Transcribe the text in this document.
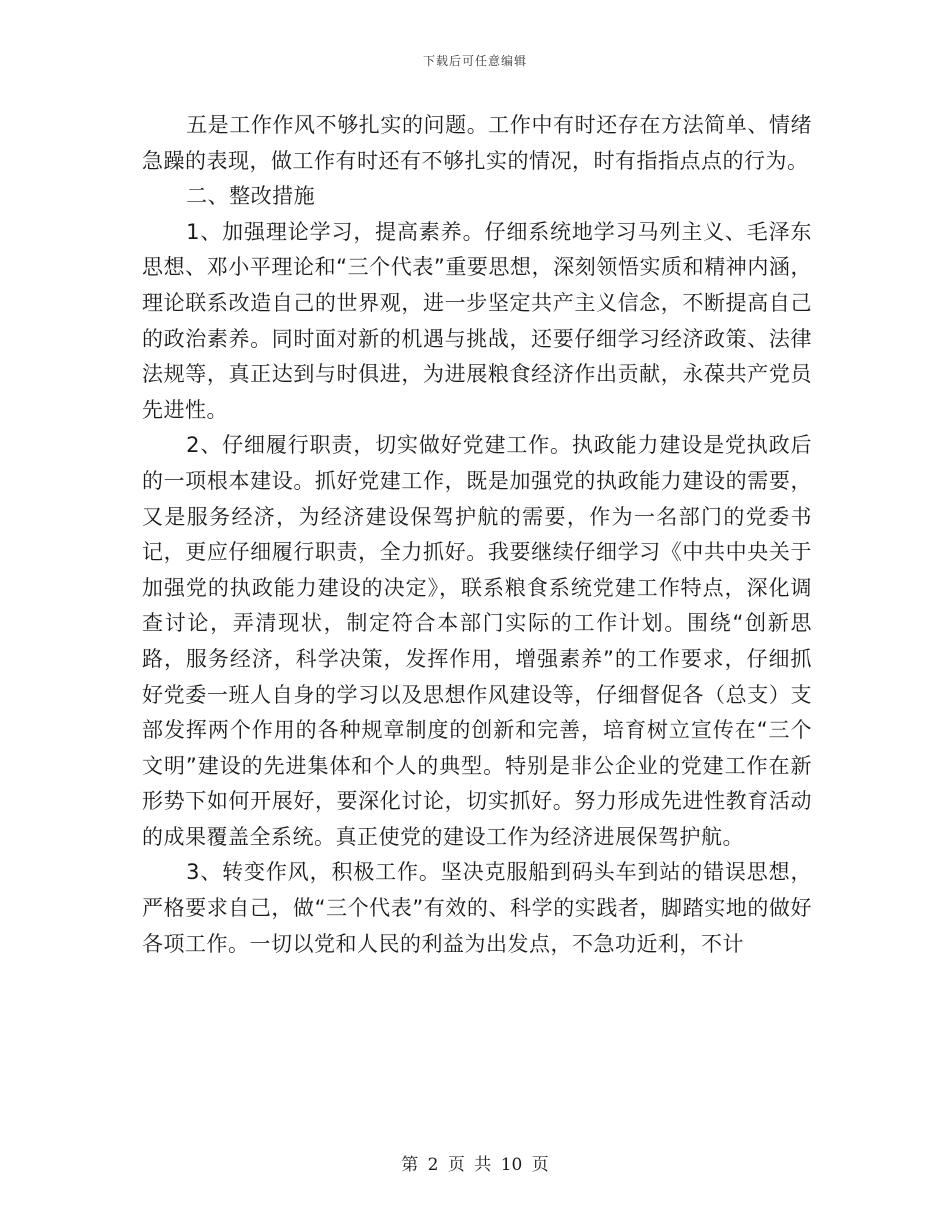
下载后可任意编辑

五是工作作风不够扎实的问题。工作中有时还存在方法简单、情绪急躁的表现，做工作有时还有不够扎实的情况，时有指指点点的行为。

二、整改措施

1、加强理论学习，提高素养。仔细系统地学习马列主义、毛泽东思想、邓小平理论和“三个代表”重要思想，深刻领悟实质和精神内涵，理论联系改造自己的世界观，进一步坚定共产主义信念，不断提高自己的政治素养。同时面对新的机遇与挑战，还要仔细学习经济政策、法律法规等，真正达到与时俱进，为进展粮食经济作出贡献，永葆共产党员先进性。

2、仔细履行职责，切实做好党建工作。执政能力建设是党执政后的一项根本建设。抓好党建工作，既是加强党的执政能力建设的需要，又是服务经济，为经济建设保驾护航的需要，作为一名部门的党委书记，更应仔细履行职责，全力抓好。我要继续仔细学习《中共中央关于加强党的执政能力建设的决定》，联系粮食系统党建工作特点，深化调查讨论，弄清现状，制定符合本部门实际的工作计划。围绕“创新思路，服务经济，科学决策，发挥作用，增强素养”的工作要求，仔细抓好党委一班人自身的学习以及思想作风建设等，仔细督促各（总支）支部发挥两个作用的各种规章制度的创新和完善，培育树立宣传在“三个文明”建设的先进集体和个人的典型。特别是非公企业的党建工作在新形势下如何开展好，要深化讨论，切实抓好。努力形成先进性教育活动的成果覆盖全系统。真正使党的建设工作为经济进展保驾护航。

3、转变作风，积极工作。坚决克服船到码头车到站的错误思想，严格要求自己，做“三个代表”有效的、科学的实践者，脚踏实地的做好各项工作。一切以党和人民的利益为出发点，不急功近利，不计

第 2 页 共 10 页
